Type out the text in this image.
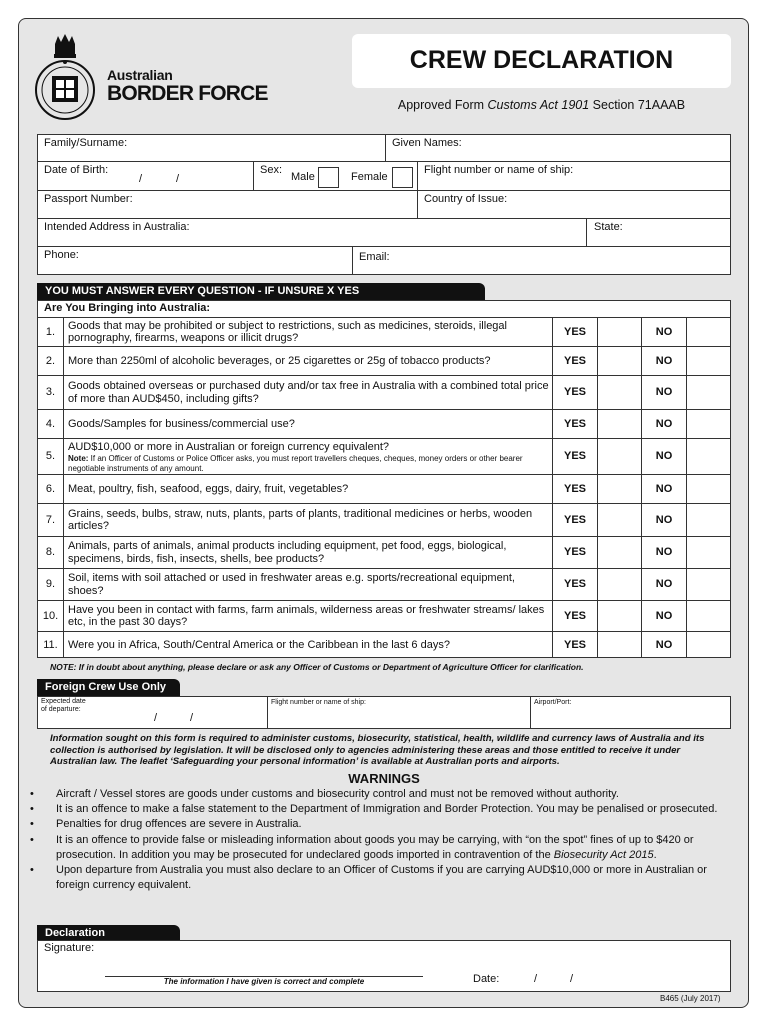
Australian
BORDER FORCE
CREW DECLARATION
Approved Form Customs Act 1901 Section 71AAAB
Family/Surname:	Given Names:
Date of Birth:
/	/
Sex:
Male	Female
Flight number or name of ship:
Passport Number:	Country of Issue:
Intended Address in Australia:	State:
Phone:	Email:
YOU MUST ANSWER EVERY QUESTION - IF UNSURE X YES
Are You Bringing into Australia:
1.	Goods that may be prohibited or subject to restrictions, such as medicines, steroids, illegal pornography, firearms, weapons or illicit drugs?
YES	NO
2.	More than 2250ml of alcoholic beverages, or 25 cigarettes or 25g of tobacco products?	YES	NO
3.	Goods obtained overseas or purchased duty and/or tax free in Australia with a combined total price of more than AUD$450, including gifts?
YES	NO
4.	Goods/Samples for business/commercial use?	YES	NO
5.
AUD$10,000 or more in Australian or foreign currency equivalent?
Note: If an Officer of Customs or Police Officer asks, you must report travellers cheques, cheques, money orders or other bearer negotiable instruments of any amount.
YES	NO
6.	Meat, poultry, fish, seafood, eggs, dairy, fruit, vegetables?	YES	NO
7.	Grains, seeds, bulbs, straw, nuts, plants, parts of plants, traditional medicines or herbs, wooden articles?
YES	NO
8.	Animals, parts of animals, animal products including equipment, pet food, eggs, biological, specimens, birds, fish, insects, shells, bee products?
YES	NO
9.	Soil, items with soil attached or used in freshwater areas e.g. sports/recreational equipment, shoes?
YES	NO
10. Have you been in contact with farms, farm animals, wilderness areas or freshwater streams/ lakes etc, in the past 30 days?
YES	NO
11. Were you in Africa, South/Central America or the Caribbean in the last 6 days?	YES	NO
NOTE: If in doubt about anything, please declare or ask any Officer of Customs or Department of Agriculture Officer for clarification.
Foreign Crew Use Only
Expected date
of departure:
/	/
Flight number or name of ship:	Airport/Port:
Information sought on this form is required to administer customs, biosecurity, statistical, health, wildlife and currency laws of Australia and its collection is authorised by legislation. It will be disclosed only to agencies administering these areas and those entitled to receive it under Australian law. The leaflet ‘Safeguarding your personal information’ is available at Australian ports and airports.
WARNINGS
• Aircraft / Vessel stores are goods under customs and biosecurity control and must not be removed without authority.
• It is an offence to make a false statement to the Department of Immigration and Border Protection. You may be penalised or prosecuted.
• Penalties for drug offences are severe in Australia.
• It is an offence to provide false or misleading information about goods you may be carrying, with “on the spot” fines of up to $420 or prosecution. In addition you may be prosecuted for undeclared goods imported in contravention of the Biosecurity Act 2015.
• Upon departure from Australia you must also declare to an Officer of Customs if you are carrying AUD$10,000 or more in Australian or foreign currency equivalent.
Declaration
Signature:
The information I have given is correct and complete	Date:	/	/
B465 (July 2017)
